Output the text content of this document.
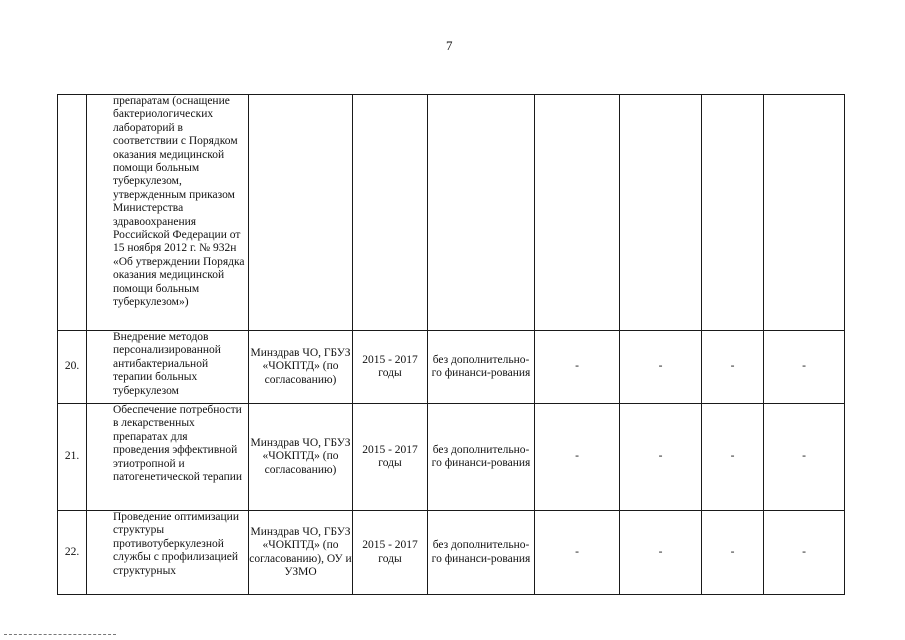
7
	препаратам (оснащение бактериологических лабораторий в соответствии с Порядком оказания медицинской помощи больным туберкулезом, утвержденным приказом Министерства здравоохранения Российской Федерации от 15 ноября 2012 г. № 932н «Об утверждении Порядка оказания медицинской помощи больным туберкулезом»)							
20.	Внедрение методов персонализированной антибактериальной терапии больных туберкулезом	Минздрав ЧО, ГБУЗ «ЧОКПТД» (по согласованию)	2015 - 2017 годы	без дополнительно-го финанси-рования	-	-	-	-
21.	Обеспечение потребности в лекарственных препаратах для проведения эффективной этиотропной и патогенетической терапии	Минздрав ЧО, ГБУЗ «ЧОКПТД» (по согласованию)	2015 - 2017 годы	без дополнительно-го финанси-рования	-	-	-	-
22.	Проведение оптимизации структуры противотуберкулезной службы с профилизацией структурных	Минздрав ЧО, ГБУЗ «ЧОКПТД» (по согласованию), ОУ и УЗМО	2015 - 2017 годы	без дополнительно-го финанси-рования	-	-	-	-
